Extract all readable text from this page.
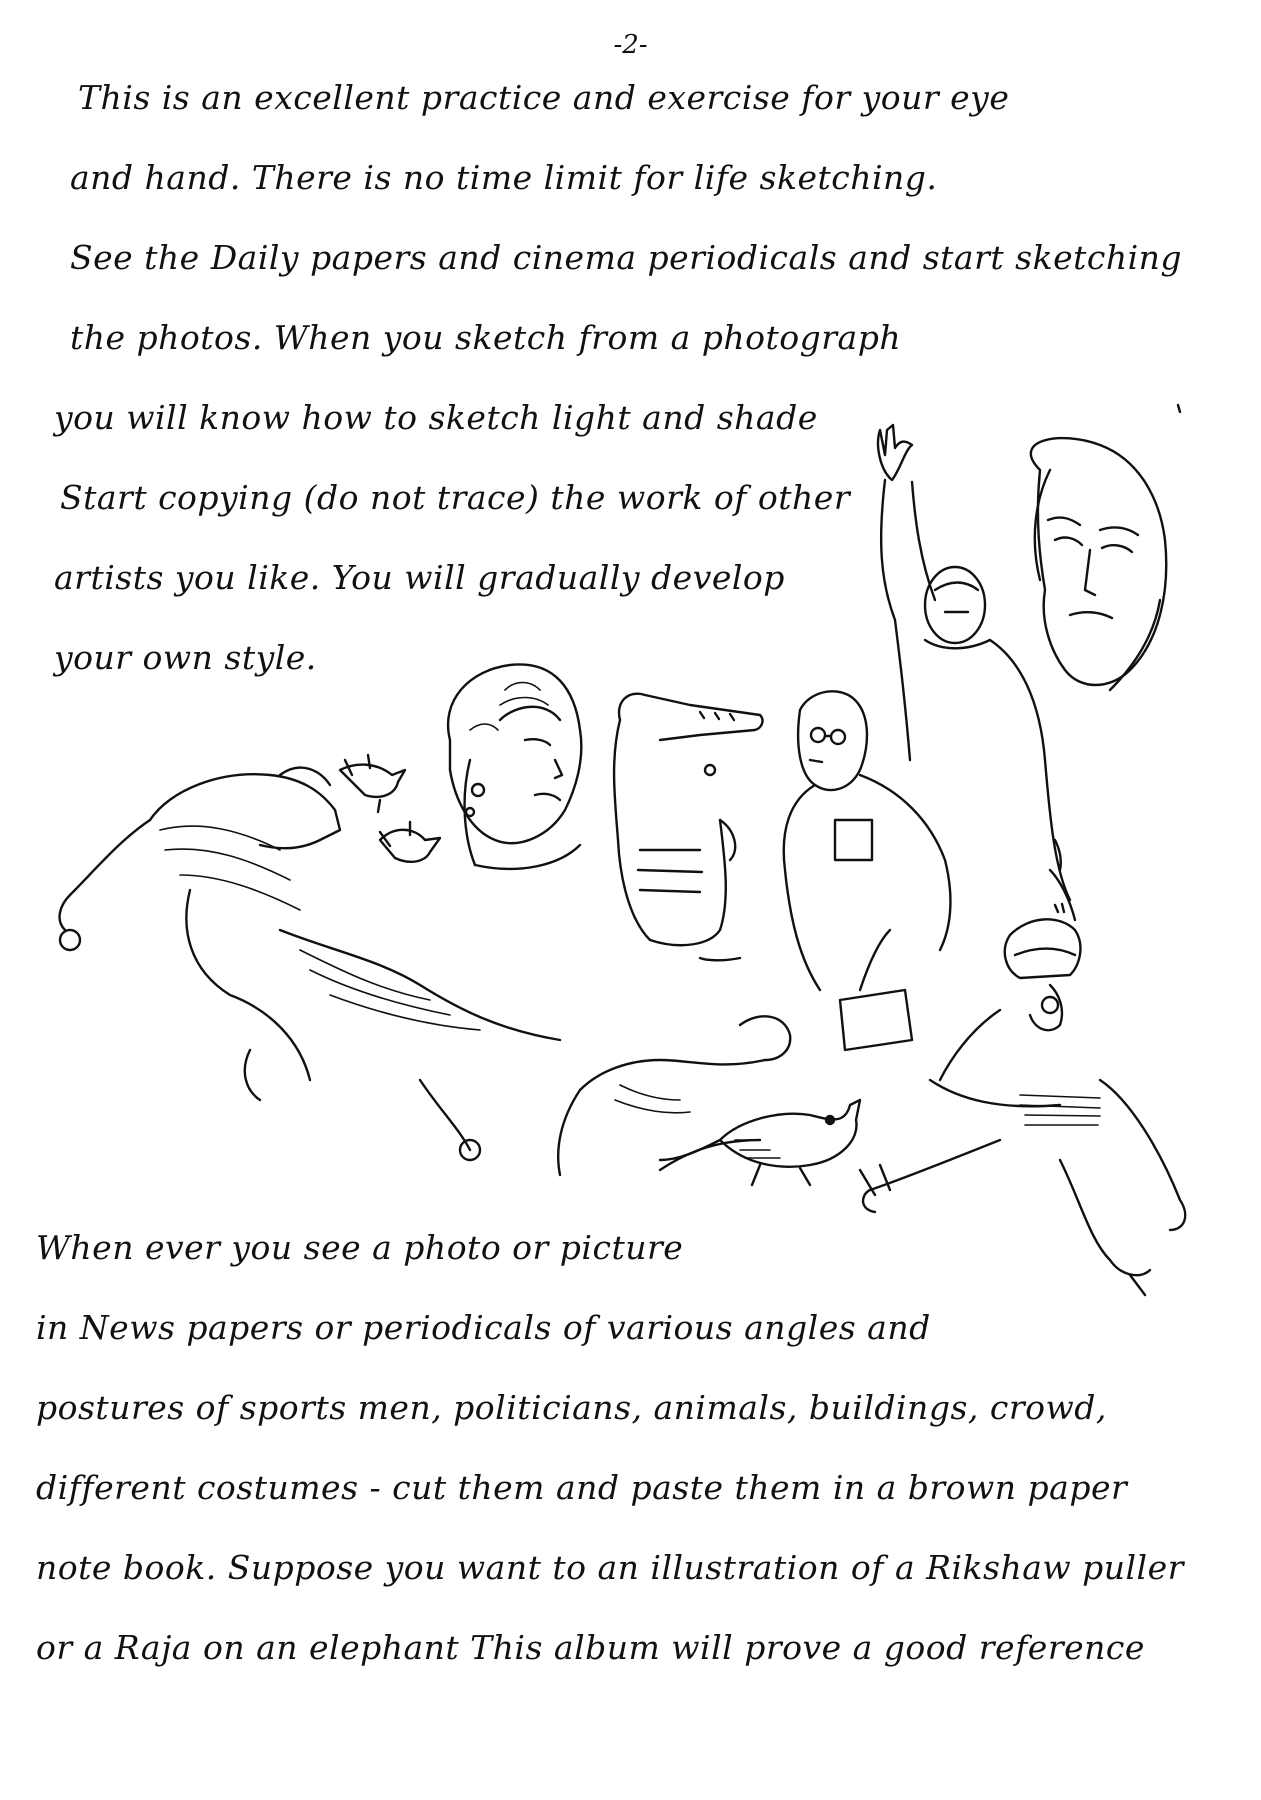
-2-
This is an excellent practice and exercise for your eye
and hand. There is no time limit for life sketching.
See the Daily papers and cinema periodicals and start sketching
the photos. When you sketch from a photograph
you will know how to sketch light and shade
Start copying (do not trace) the work of other
artists you like. You will gradually develop
your own style.
When ever you see a photo or picture
in News papers or periodicals of various angles and
postures of sports men, politicians, animals, buildings, crowd,
different costumes - cut them and paste them in a brown paper
note book. Suppose you want to an illustration of a Rikshaw puller
or a Raja on an elephant This album will prove a good reference
